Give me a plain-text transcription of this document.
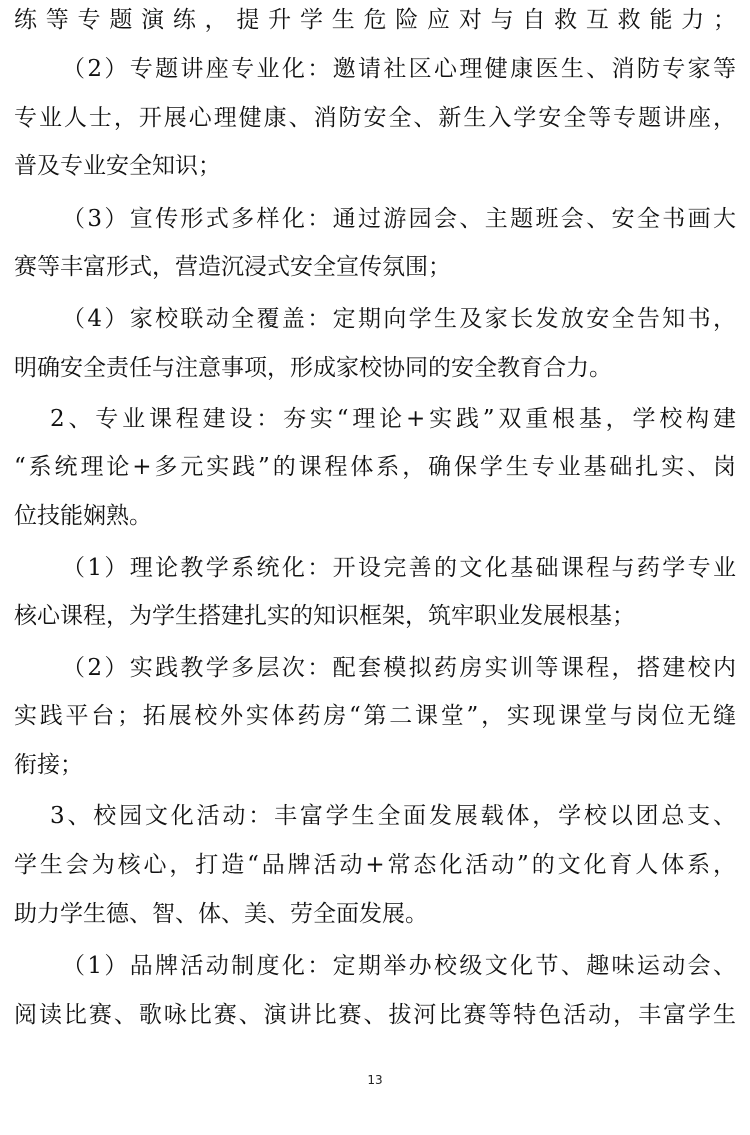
练等专题演练，提升学生危险应对与自救互救能力；
（2）专题讲座专业化：邀请社区心理健康医生、消防专家等
专业人士，开展心理健康、消防安全、新生入学安全等专题讲座，
普及专业安全知识；
（3）宣传形式多样化：通过游园会、主题班会、安全书画大
赛等丰富形式，营造沉浸式安全宣传氛围；
（4）家校联动全覆盖：定期向学生及家长发放安全告知书，
明确安全责任与注意事项，形成家校协同的安全教育合力。
2、专业课程建设：夯实“理论+实践”双重根基，学校构建
“系统理论+多元实践”的课程体系，确保学生专业基础扎实、岗
位技能娴熟。
（1）理论教学系统化：开设完善的文化基础课程与药学专业
核心课程，为学生搭建扎实的知识框架，筑牢职业发展根基；
（2）实践教学多层次：配套模拟药房实训等课程，搭建校内
实践平台；拓展校外实体药房“第二课堂”，实现课堂与岗位无缝
衔接；
3、校园文化活动：丰富学生全面发展载体，学校以团总支、
学生会为核心，打造“品牌活动+常态化活动”的文化育人体系，
助力学生德、智、体、美、劳全面发展。
（1）品牌活动制度化：定期举办校级文化节、趣味运动会、
阅读比赛、歌咏比赛、演讲比赛、拔河比赛等特色活动，丰富学生
13
